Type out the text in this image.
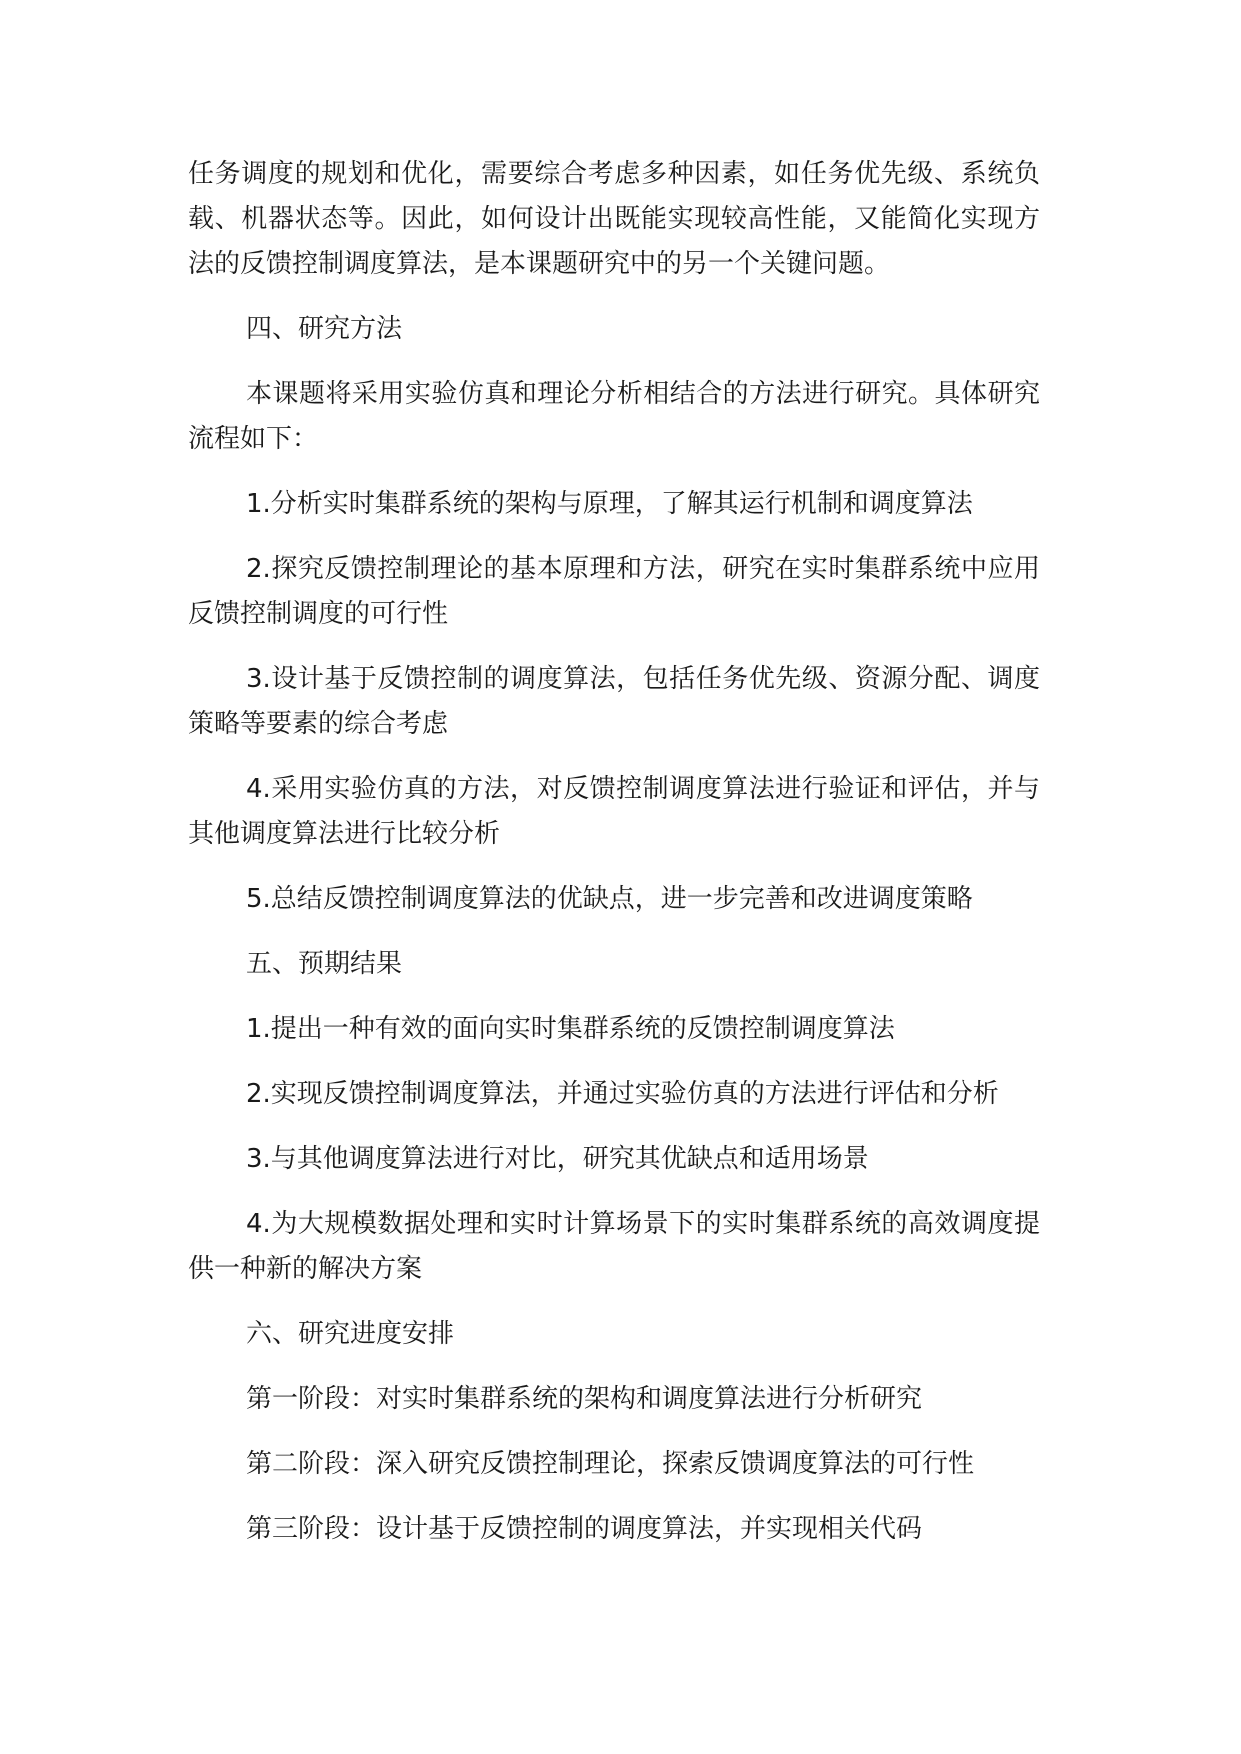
任务调度的规划和优化，需要综合考虑多种因素，如任务优先级、系统负载、机器状态等。因此，如何设计出既能实现较高性能，又能简化实现方法的反馈控制调度算法，是本课题研究中的另一个关键问题。

四、研究方法

本课题将采用实验仿真和理论分析相结合的方法进行研究。具体研究流程如下：

1.分析实时集群系统的架构与原理，了解其运行机制和调度算法

2.探究反馈控制理论的基本原理和方法，研究在实时集群系统中应用反馈控制调度的可行性

3.设计基于反馈控制的调度算法，包括任务优先级、资源分配、调度策略等要素的综合考虑

4.采用实验仿真的方法，对反馈控制调度算法进行验证和评估，并与其他调度算法进行比较分析

5.总结反馈控制调度算法的优缺点，进一步完善和改进调度策略

五、预期结果

1.提出一种有效的面向实时集群系统的反馈控制调度算法

2.实现反馈控制调度算法，并通过实验仿真的方法进行评估和分析

3.与其他调度算法进行对比，研究其优缺点和适用场景

4.为大规模数据处理和实时计算场景下的实时集群系统的高效调度提供一种新的解决方案

六、研究进度安排

第一阶段：对实时集群系统的架构和调度算法进行分析研究

第二阶段：深入研究反馈控制理论，探索反馈调度算法的可行性

第三阶段：设计基于反馈控制的调度算法，并实现相关代码
